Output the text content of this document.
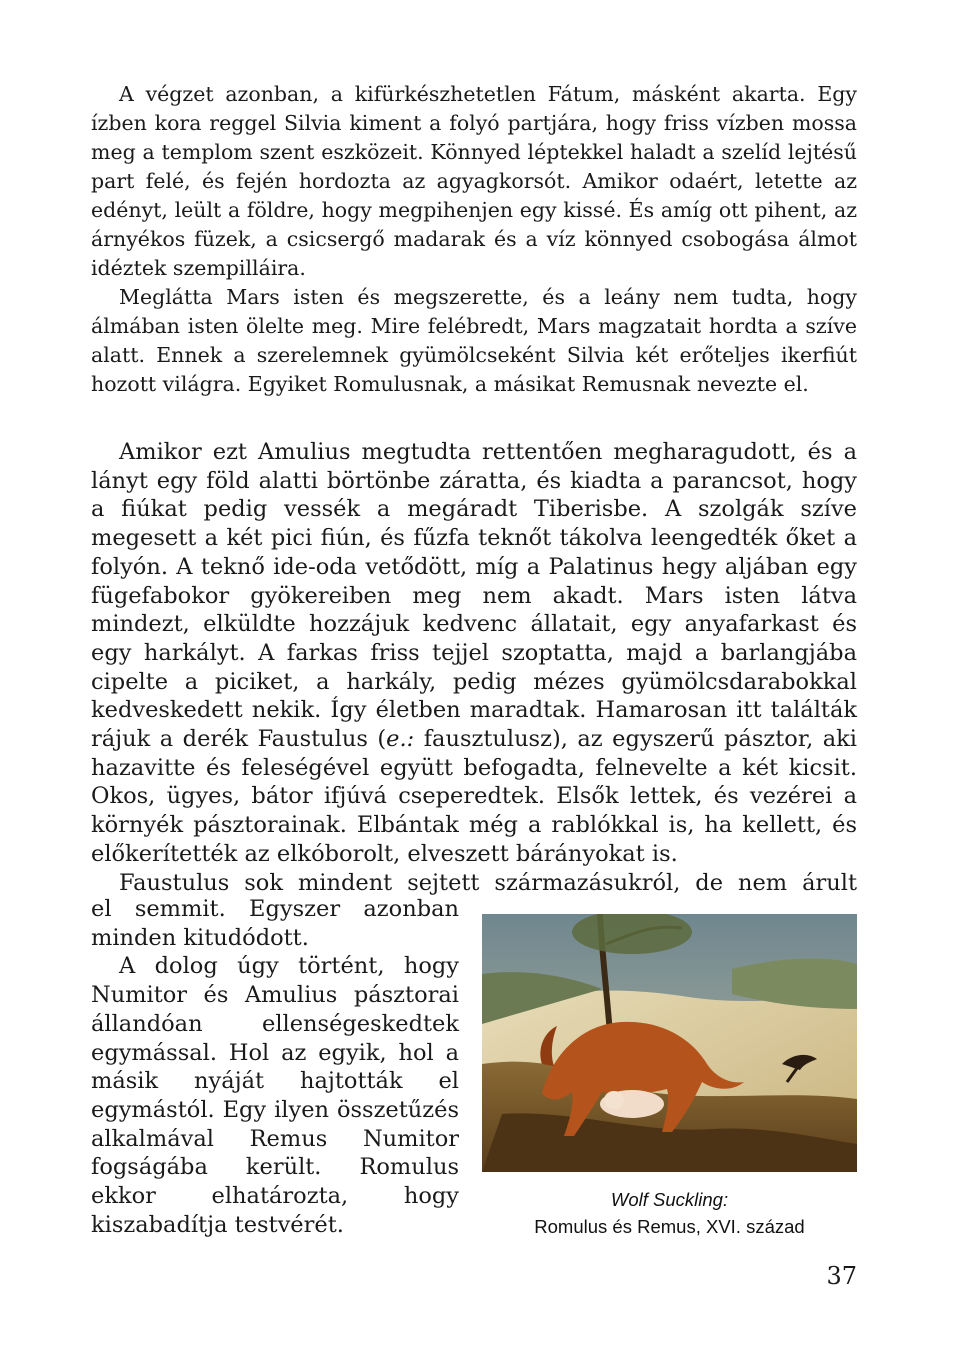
A végzet azonban, a kifürkészhetetlen Fátum, másként akarta. Egy ízben kora reggel Silvia kiment a folyó partjára, hogy friss vízben mossa meg a templom szent eszközeit. Könnyed léptekkel haladt a szelíd lejtésű part felé, és fején hordozta az agyagkorsót. Amikor odaért, letette az edényt, leült a földre, hogy megpihenjen egy kissé. És amíg ott pihent, az árnyékos füzek, a csicsergő madarak és a víz könnyed csobogása álmot idéztek szempilláira.

Meglátta Mars isten és megszerette, és a leány nem tudta, hogy álmában isten ölelte meg. Mire felébredt, Mars magzatait hordta a szíve alatt. Ennek a szerelemnek gyümölcseként Silvia két erőteljes ikerfiút hozott világra. Egyiket Romulusnak, a másikat Remusnak nevezte el.

Amikor ezt Amulius megtudta rettentően megharagudott, és a lányt egy föld alatti börtönbe záratta, és kiadta a parancsot, hogy a fiúkat pedig vessék a megáradt Tiberisbe. A szolgák szíve megesett a két pici fiún, és fűzfa teknőt tákolva leengedték őket a folyón. A teknő ide-oda vetődött, míg a Palatinus hegy aljában egy fügefabokor gyökereiben meg nem akadt. Mars isten látva mindezt, elküldte hozzájuk kedvenc állatait, egy anyafarkast és egy harkályt. A farkas friss tejjel szoptatta, majd a barlangjába cipelte a piciket, a harkály, pedig mézes gyümölcsdarabokkal kedveskedett nekik. Így életben maradtak. Hamarosan itt találták rájuk a derék Faustulus (e.: fausztulusz), az egyszerű pásztor, aki hazavitte és feleségével együtt befogadta, felnevelte a két kicsit. Okos, ügyes, bátor ifjúvá cseperedtek. Elsők lettek, és vezérei a környék pásztorainak. Elbántak még a rablókkal is, ha kellett, és előkerítették az elkóborolt, elveszett bárányokat is.

Faustulus sok mindent sejtett származásukról, de nem árult

el semmit. Egyszer azonban minden kitudódott.

A dolog úgy történt, hogy Numitor és Amulius pásztorai állandóan ellenségeskedtek egymással. Hol az egyik, hol a másik nyáját hajtották el egymástól. Egy ilyen összetűzés alkalmával Remus Numitor fogságába került. Romulus ekkor elhatározta, hogy kiszabadítja testvérét.

Wolf Suckling:
Romulus és Remus, XVI. század
37
